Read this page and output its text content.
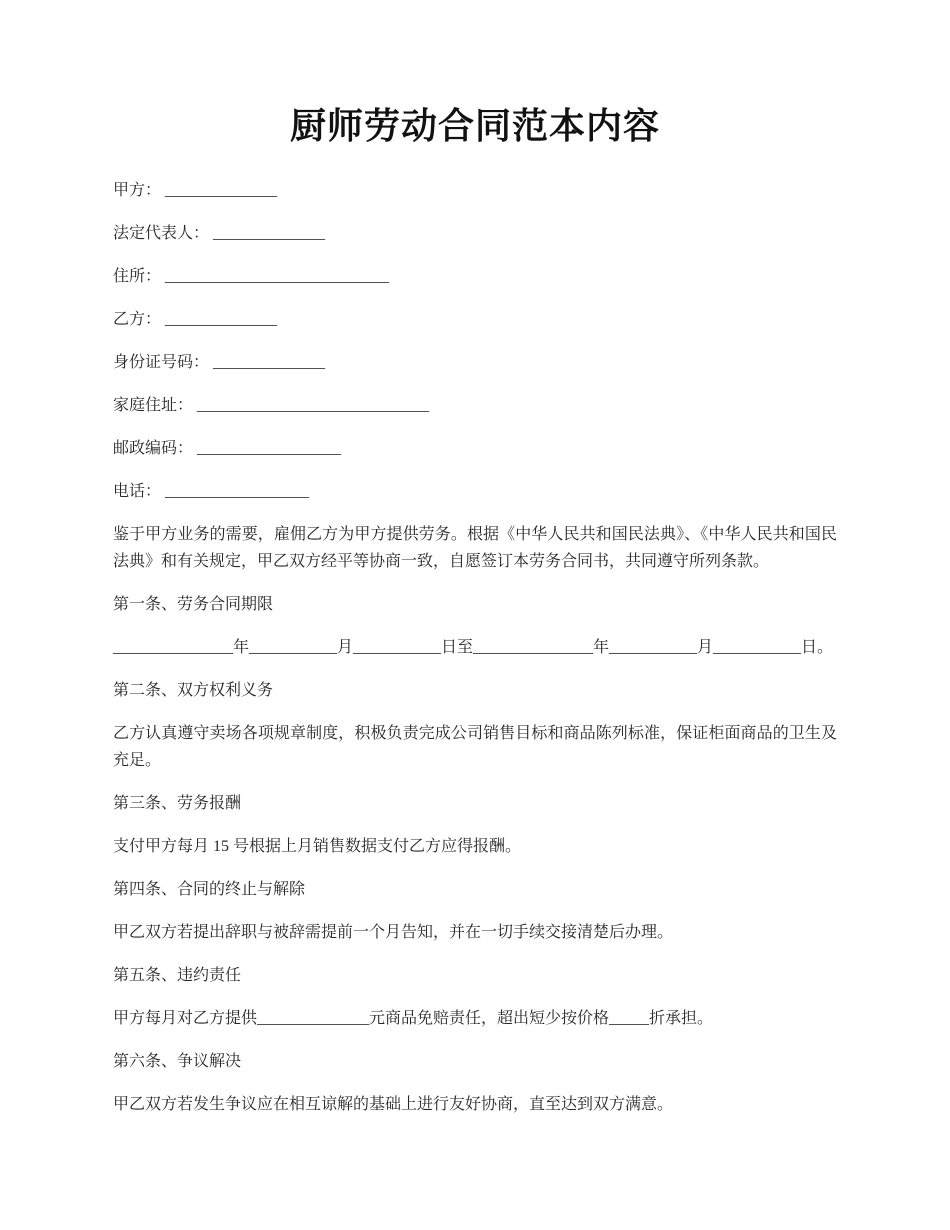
厨师劳动合同范本内容

甲方： ______________

法定代表人： ______________

住所： ____________________________

乙方： ______________

身份证号码： ______________

家庭住址： _____________________________

邮政编码： __________________

电话： __________________

鉴于甲方业务的需要，雇佣乙方为甲方提供劳务。根据《中华人民共和国民法典》、《中华人民共和国民法典》和有关规定，甲乙双方经平等协商一致，自愿签订本劳务合同书，共同遵守所列条款。

第一条、劳务合同期限

_______________年___________月___________日至_______________年___________月___________日。

第二条、双方权利义务

乙方认真遵守卖场各项规章制度，积极负责完成公司销售目标和商品陈列标准，保证柜面商品的卫生及充足。

第三条、劳务报酬

支付甲方每月 15 号根据上月销售数据支付乙方应得报酬。

第四条、合同的终止与解除

甲乙双方若提出辞职与被辞需提前一个月告知，并在一切手续交接清楚后办理。

第五条、违约责任

甲方每月对乙方提供______________元商品免赔责任，超出短少按价格_____折承担。

第六条、争议解决

甲乙双方若发生争议应在相互谅解的基础上进行友好协商，直至达到双方满意。
